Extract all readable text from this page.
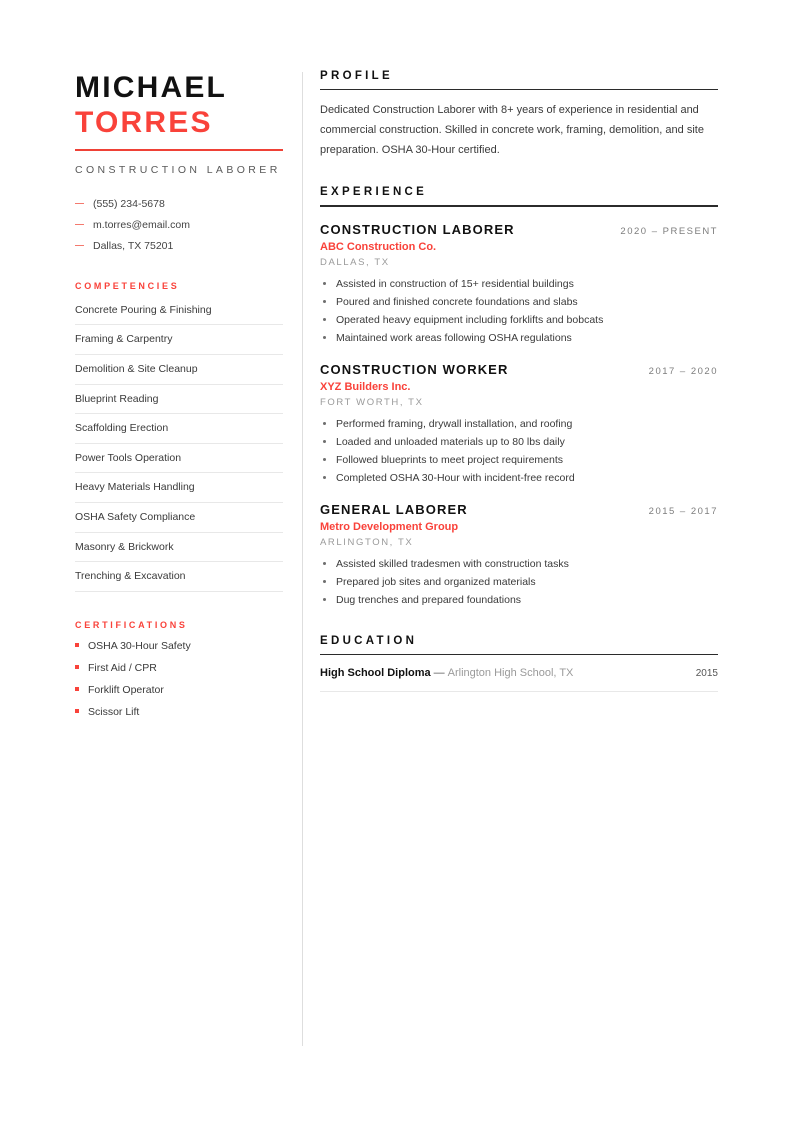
MICHAEL
TORRES
CONSTRUCTION LABORER
(555) 234-5678
m.torres@email.com
Dallas, TX 75201
COMPETENCIES
Concrete Pouring & Finishing
Framing & Carpentry
Demolition & Site Cleanup
Blueprint Reading
Scaffolding Erection
Power Tools Operation
Heavy Materials Handling
OSHA Safety Compliance
Masonry & Brickwork
Trenching & Excavation
CERTIFICATIONS
OSHA 30-Hour Safety
First Aid / CPR
Forklift Operator
Scissor Lift
PROFILE
Dedicated Construction Laborer with 8+ years of experience in residential and commercial construction. Skilled in concrete work, framing, demolition, and site preparation. OSHA 30-Hour certified.
EXPERIENCE
CONSTRUCTION LABORER	2020 – PRESENT
ABC Construction Co.
DALLAS, TX
Assisted in construction of 15+ residential buildings
Poured and finished concrete foundations and slabs
Operated heavy equipment including forklifts and bobcats
Maintained work areas following OSHA regulations
CONSTRUCTION WORKER	2017 – 2020
XYZ Builders Inc.
FORT WORTH, TX
Performed framing, drywall installation, and roofing
Loaded and unloaded materials up to 80 lbs daily
Followed blueprints to meet project requirements
Completed OSHA 30-Hour with incident-free record
GENERAL LABORER	2015 – 2017
Metro Development Group
ARLINGTON, TX
Assisted skilled tradesmen with construction tasks
Prepared job sites and organized materials
Dug trenches and prepared foundations
EDUCATION
High School Diploma — Arlington High School, TX	2015
